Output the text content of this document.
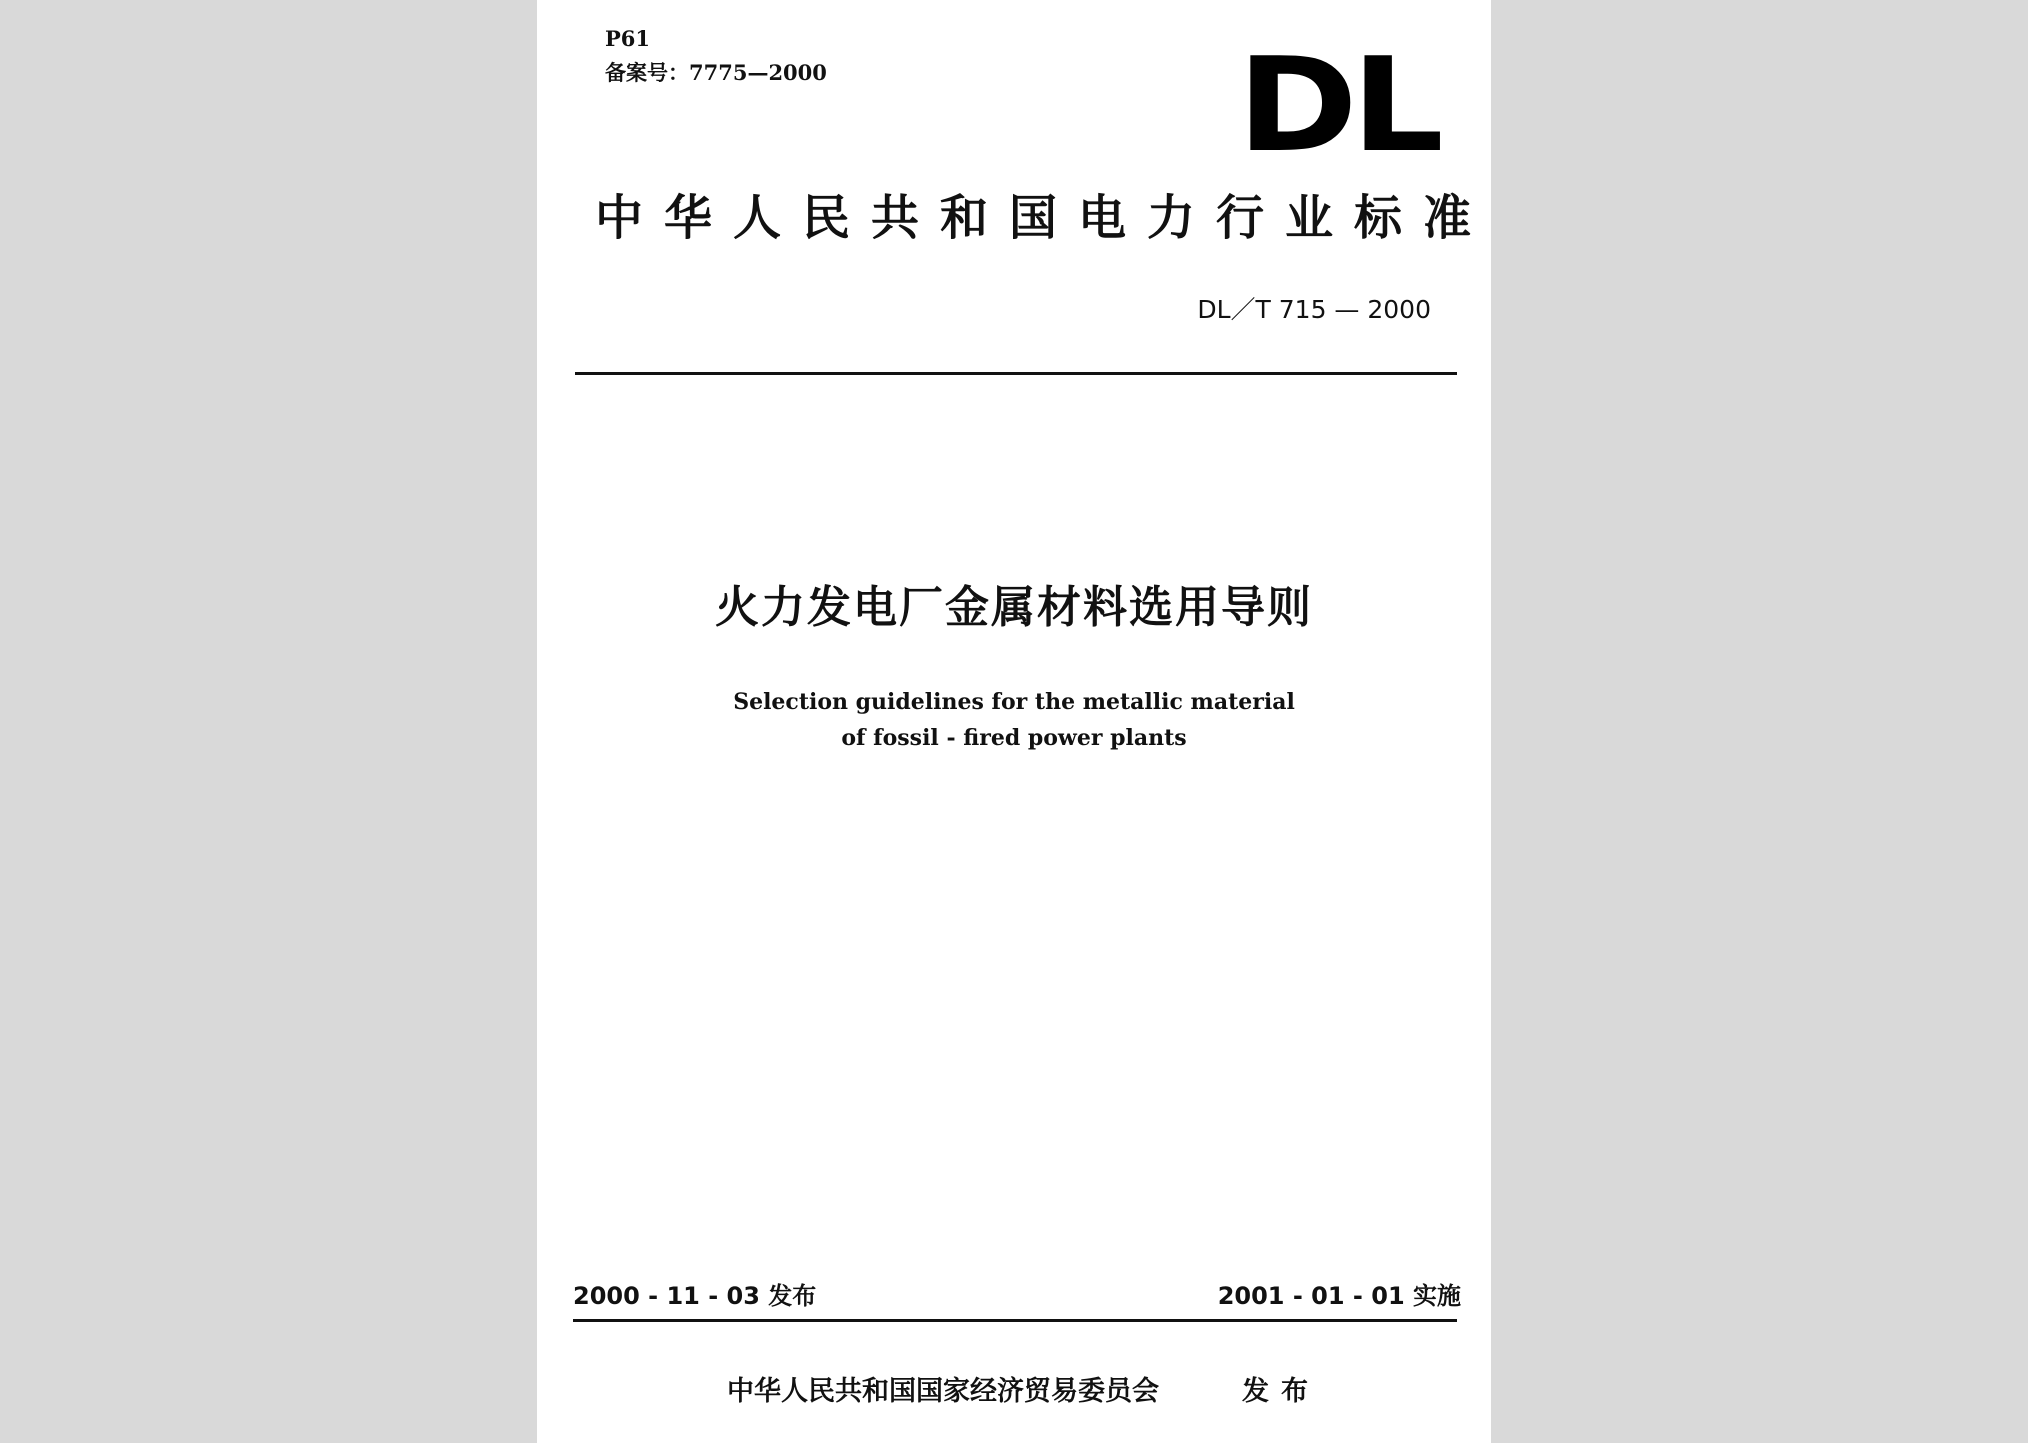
P61
备案号：7775—2000	DL
中华人民共和国电力行业标准
DL／T 715 — 2000
火力发电厂金属材料选用导则
Selection guidelines for the metallic material
of fossil - fired power plants
2000 - 11 - 03 发布	2001 - 01 - 01 实施
中华人民共和国国家经济贸易委员会	发布
